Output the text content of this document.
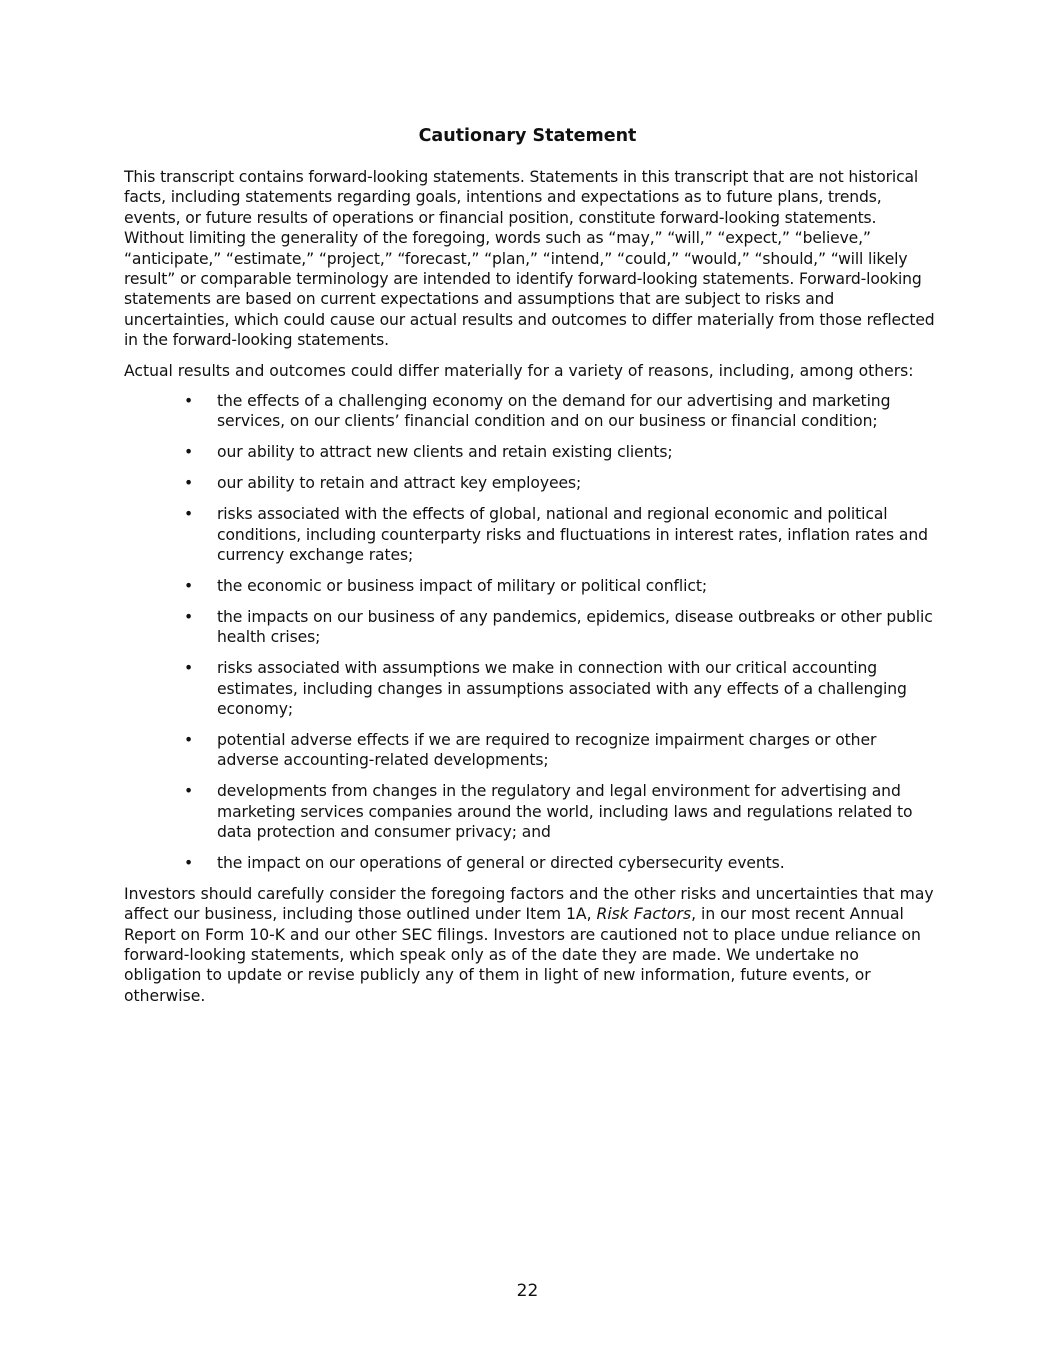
Cautionary Statement

This transcript contains forward-looking statements. Statements in this transcript that are not historical facts, including statements regarding goals, intentions and expectations as to future plans, trends, events, or future results of operations or financial position, constitute forward-looking statements. Without limiting the generality of the foregoing, words such as “may,” “will,” “expect,” “believe,” “anticipate,” “estimate,” “project,” “forecast,” “plan,” “intend,” “could,” “would,” “should,” “will likely result” or comparable terminology are intended to identify forward-looking statements. Forward-looking statements are based on current expectations and assumptions that are subject to risks and uncertainties, which could cause our actual results and outcomes to differ materially from those reflected in the forward-looking statements.

Actual results and outcomes could differ materially for a variety of reasons, including, among others:

• the effects of a challenging economy on the demand for our advertising and marketing services, on our clients’ financial condition and on our business or financial condition;
• our ability to attract new clients and retain existing clients;
• our ability to retain and attract key employees;
• risks associated with the effects of global, national and regional economic and political conditions, including counterparty risks and fluctuations in interest rates, inflation rates and currency exchange rates;
• the economic or business impact of military or political conflict;
• the impacts on our business of any pandemics, epidemics, disease outbreaks or other public health crises;
• risks associated with assumptions we make in connection with our critical accounting estimates, including changes in assumptions associated with any effects of a challenging economy;
• potential adverse effects if we are required to recognize impairment charges or other adverse accounting-related developments;
• developments from changes in the regulatory and legal environment for advertising and marketing services companies around the world, including laws and regulations related to data protection and consumer privacy; and
• the impact on our operations of general or directed cybersecurity events.

Investors should carefully consider the foregoing factors and the other risks and uncertainties that may affect our business, including those outlined under Item 1A, Risk Factors, in our most recent Annual Report on Form 10-K and our other SEC filings. Investors are cautioned not to place undue reliance on forward-looking statements, which speak only as of the date they are made. We undertake no obligation to update or revise publicly any of them in light of new information, future events, or otherwise.

22
